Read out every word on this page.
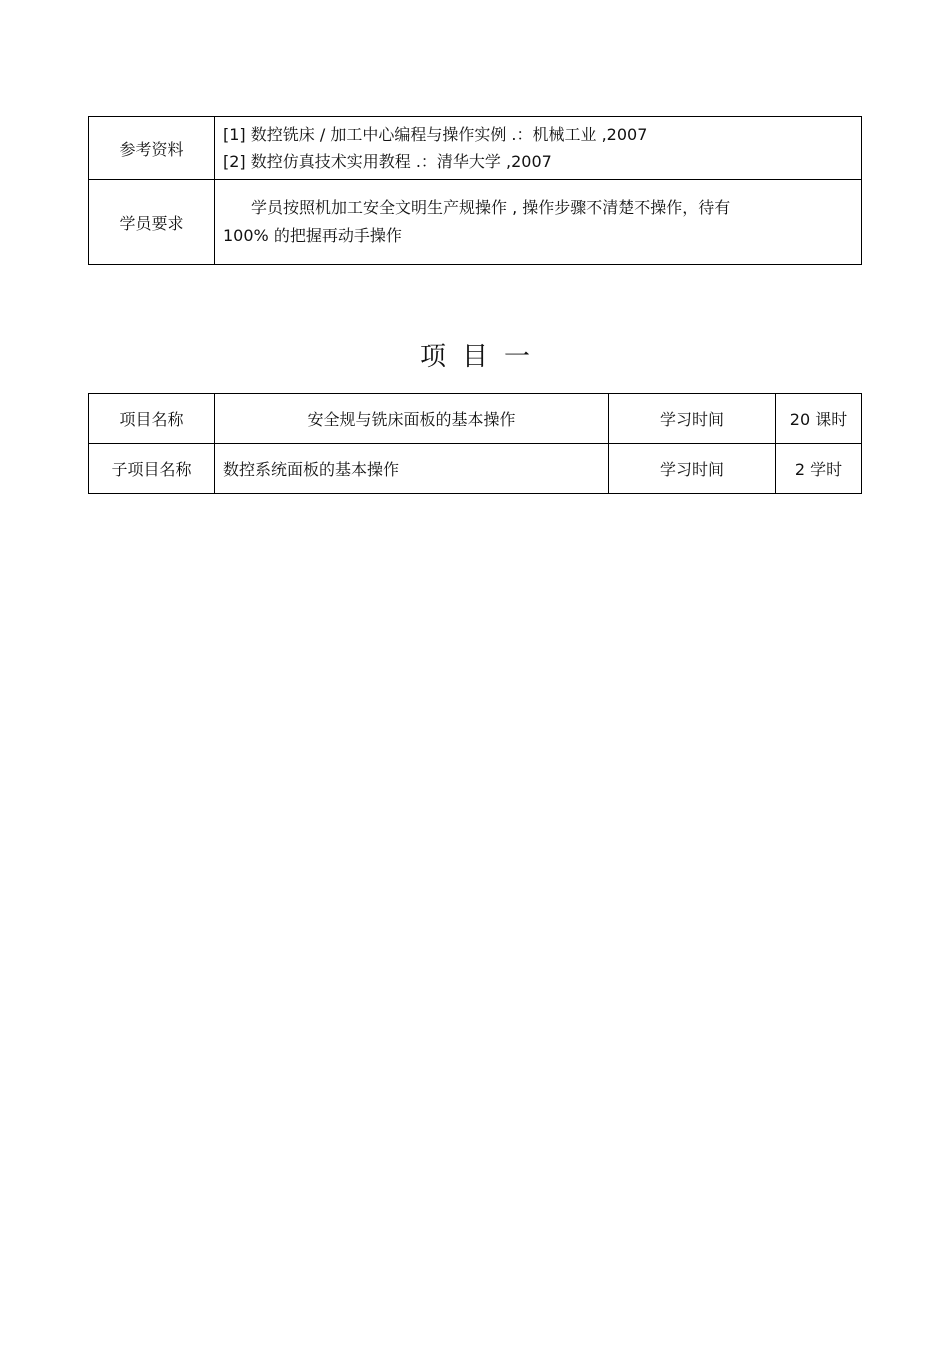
参考资料	[1] 数控铣床 / 加工中心编程与操作实例 .：机械工业 ,2007
[2] 数控仿真技术实用教程 .：清华大学 ,2007

学员要求	学员按照机加工安全文明生产规操作 , 操作步骤不清楚不操作，待有
100% 的把握再动手操作
项目一
项目名称	安全规与铣床面板的基本操作	学习时间	20 课时
子项目名称	数控系统面板的基本操作	学习时间	2 学时
